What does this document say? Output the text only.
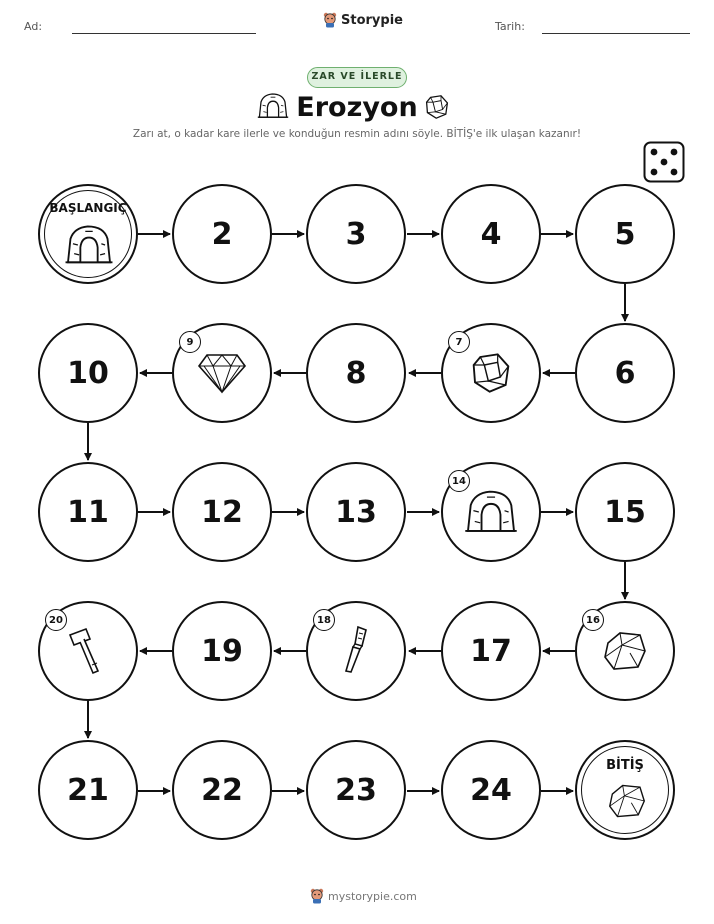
Ad:	Storypie	Tarih:
ZAR VE İLERLE
Erozyon
Zarı at, o kadar kare ilerle ve konduğun resmin adını söyle. BİTİŞ'e ilk ulaşan kazanır!
BAŞLANGIÇ
2	3	4	5
10
9
8
7
6
11	12	13
14
15
20
19
18
17
16
21	22	23	24
BİTİŞ
mystorypie.com
